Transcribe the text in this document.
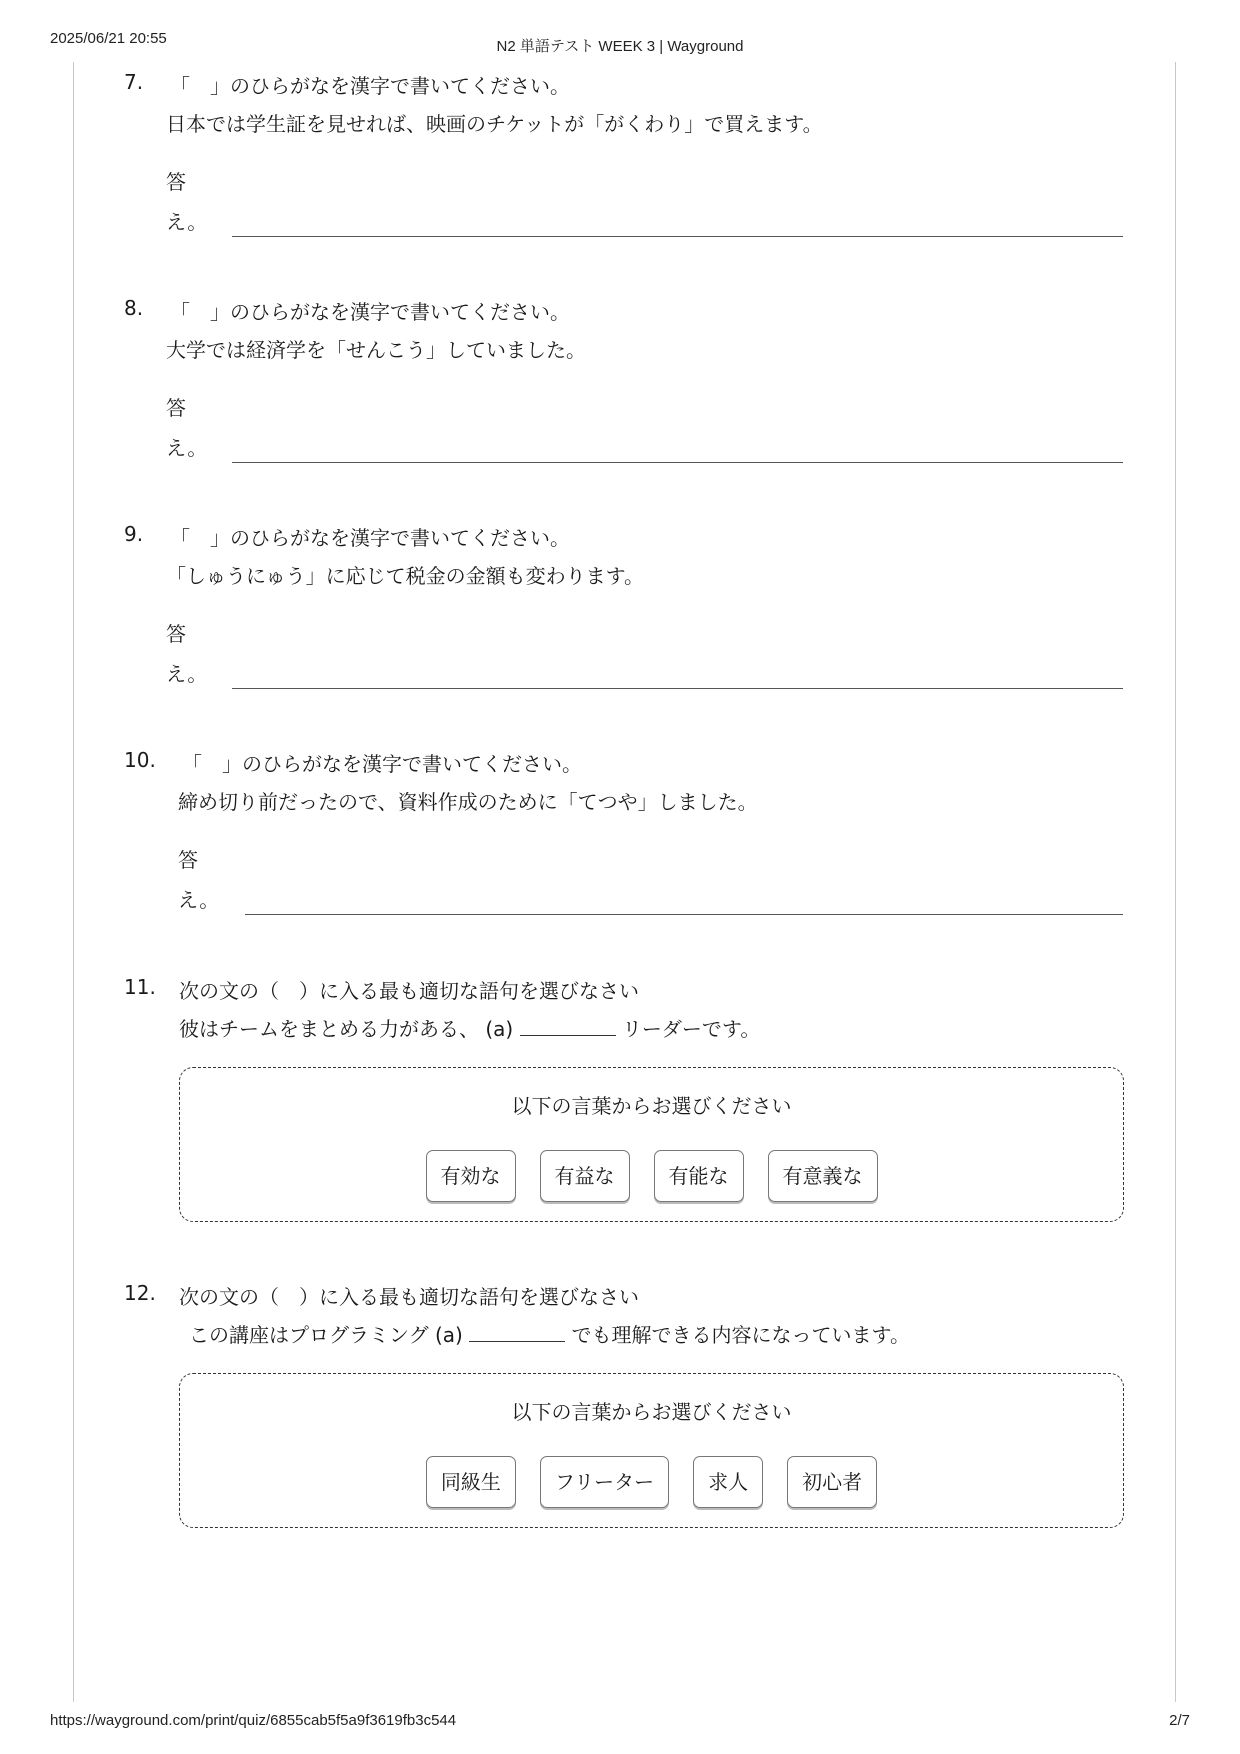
2025/06/21 20:55	N2 単語テスト WEEK 3 | Wayground
7. 「　」のひらがなを漢字で書いてください。
日本では学生証を見せれば、映画のチケットが「がくわり」で買えます。
答え。
8. 「　」のひらがなを漢字で書いてください。
大学では経済学を「せんこう」していました。
答え。
9. 「　」のひらがなを漢字で書いてください。
「しゅうにゅう」に応じて税金の金額も変わります。
答え。
10. 「　」のひらがなを漢字で書いてください。
締め切り前だったので、資料作成のために「てつや」しました。
答え。
11. 次の文の（　）に入る最も適切な語句を選びなさい
彼はチームをまとめる力がある、 (a)	リーダーです。
以下の言葉からお選びください
有効な	有益な	有能な	有意義な
12. 次の文の（　）に入る最も適切な語句を選びなさい
この講座はプログラミング (a)	でも理解できる内容になっています。
以下の言葉からお選びください
同級生	フリーター	求人	初心者
https://wayground.com/print/quiz/6855cab5f5a9f3619fb3c544	2/7
